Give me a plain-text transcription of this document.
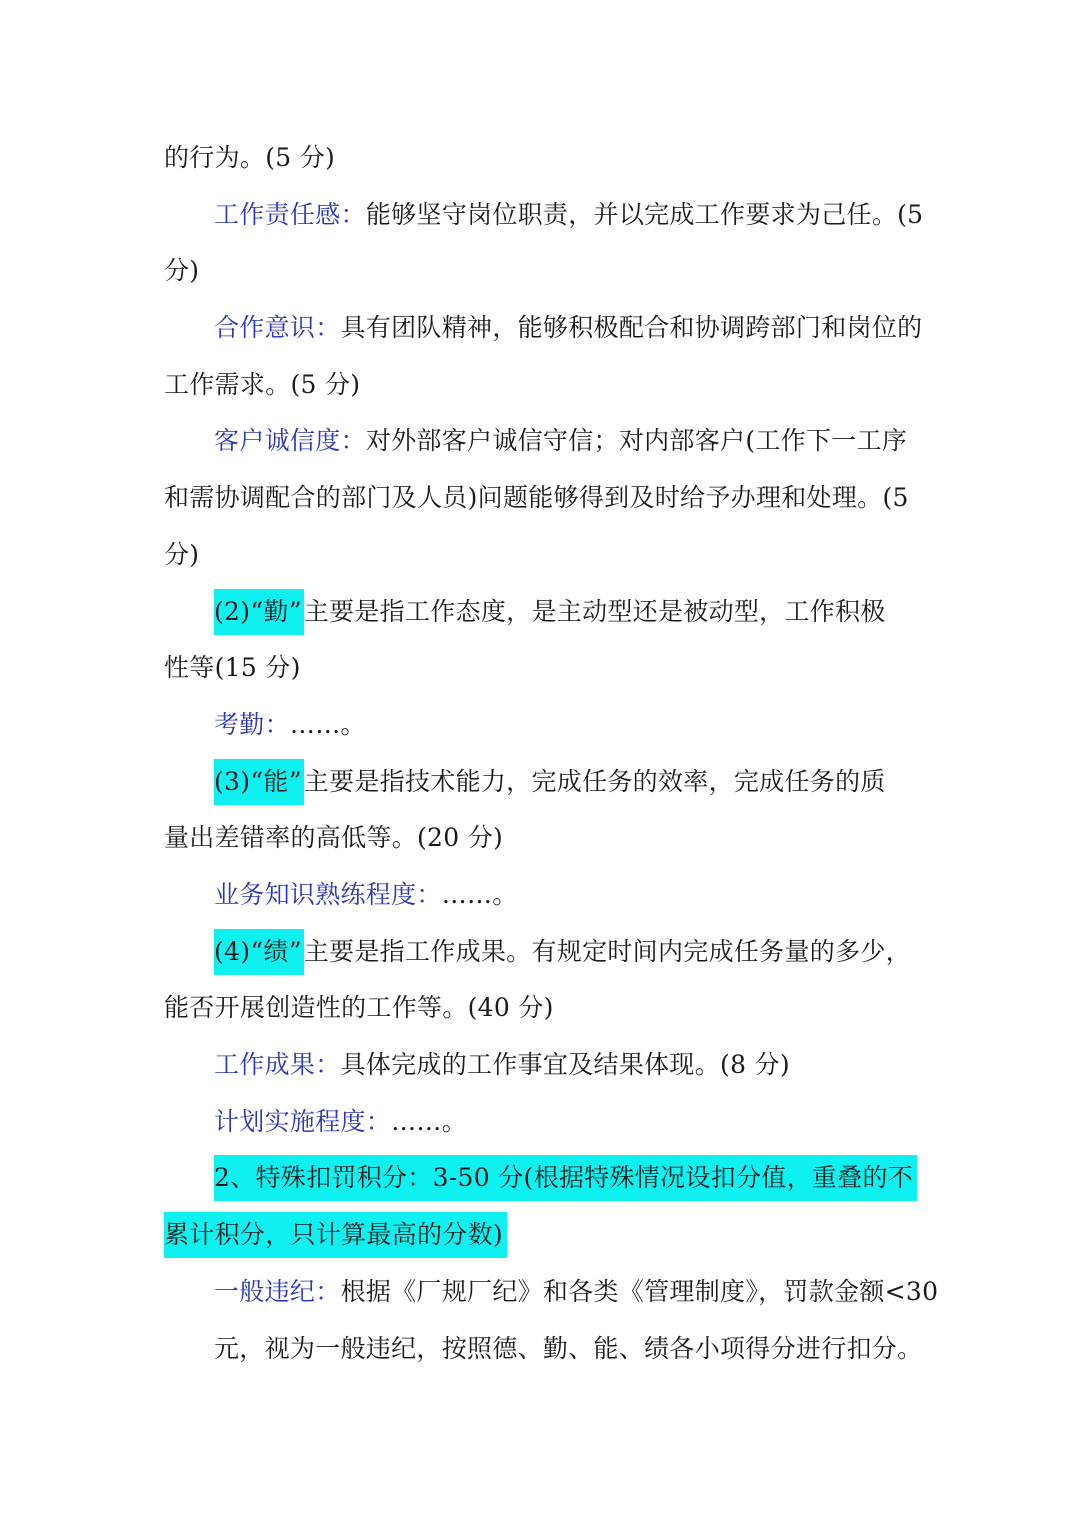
的行为。(5 分)
工作责任感：能够坚守岗位职责，并以完成工作要求为己任。(5
分)
合作意识：具有团队精神，能够积极配合和协调跨部门和岗位的
工作需求。(5 分)
客户诚信度：对外部客户诚信守信；对内部客户(工作下一工序
和需协调配合的部门及人员)问题能够得到及时给予办理和处理。(5
分)
(2)“勤”主要是指工作态度，是主动型还是被动型，工作积极
性等(15 分)
考勤：……。
(3)“能”主要是指技术能力，完成任务的效率，完成任务的质
量出差错率的高低等。(20 分)
业务知识熟练程度：……。
(4)“绩”主要是指工作成果。有规定时间内完成任务量的多少，
能否开展创造性的工作等。(40 分)
工作成果：具体完成的工作事宜及结果体现。(8 分)
计划实施程度：……。
2、特殊扣罚积分：3-50 分(根据特殊情况设扣分值，重叠的不
累计积分，只计算最高的分数)
一般违纪：根据《厂规厂纪》和各类《管理制度》，罚款金额<30
元，视为一般违纪，按照德、勤、能、绩各小项得分进行扣分。
